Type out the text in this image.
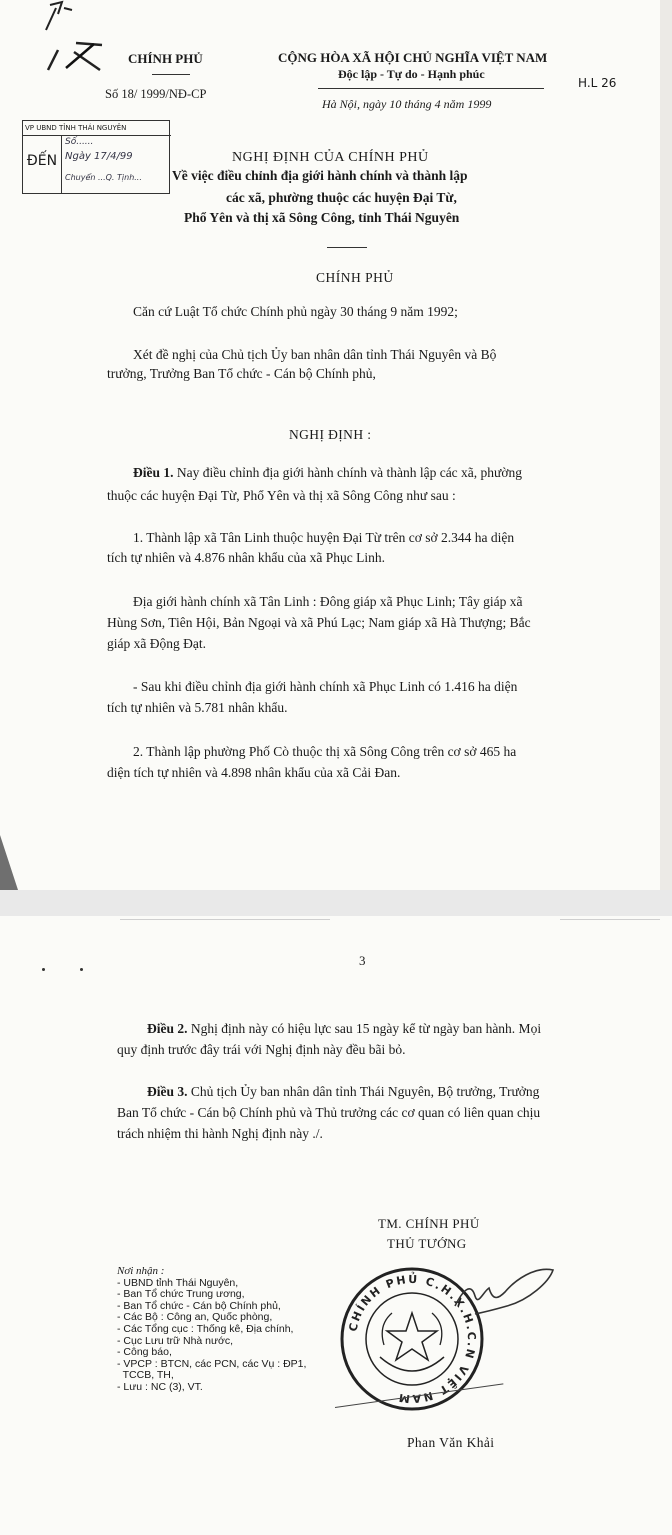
CHÍNH PHỦ
Số 18/ 1999/NĐ-CP
CỘNG HÒA XÃ HỘI CHỦ NGHĨA VIỆT NAM
Độc lập - Tự do - Hạnh phúc
Hà Nội, ngày 10 tháng 4 năm 1999
H.L 26
VP UBND TỈNH THÁI NGUYÊN
ĐẾN
Số......
Ngày 17/4/99
Chuyển ...Q. Tịnh...
NGHỊ ĐỊNH CỦA CHÍNH PHỦ
Về việc điều chỉnh địa giới hành chính và thành lập
các xã, phường thuộc các huyện Đại Từ,
Phổ Yên và thị xã Sông Công, tỉnh Thái Nguyên
CHÍNH PHỦ
Căn cứ Luật Tổ chức Chính phủ ngày 30 tháng 9 năm 1992;
Xét đề nghị của Chủ tịch Ủy ban nhân dân tỉnh Thái Nguyên và Bộ
trưởng, Trưởng Ban Tổ chức - Cán bộ Chính phủ,
NGHỊ ĐỊNH :
Điều 1. Nay điều chỉnh địa giới hành chính và thành lập các xã, phường
thuộc các huyện Đại Từ, Phổ Yên và thị xã Sông Công như sau :
1. Thành lập xã Tân Linh thuộc huyện Đại Từ trên cơ sở 2.344 ha diện
tích tự nhiên và 4.876 nhân khẩu của xã Phục Linh.
Địa giới hành chính xã Tân Linh : Đông giáp xã Phục Linh; Tây giáp xã
Hùng Sơn, Tiên Hội, Bản Ngoại và xã Phú Lạc; Nam giáp xã Hà Thượng; Bắc
giáp xã Động Đạt.
- Sau khi điều chỉnh địa giới hành chính xã Phục Linh có 1.416 ha diện
tích tự nhiên và 5.781 nhân khẩu.
2. Thành lập phường Phố Cò thuộc thị xã Sông Công trên cơ sở 465 ha
diện tích tự nhiên và 4.898 nhân khẩu của xã Cải Đan.
3
Điều 2. Nghị định này có hiệu lực sau 15 ngày kể từ ngày ban hành. Mọi
quy định trước đây trái với Nghị định này đều bãi bỏ.
Điều 3. Chủ tịch Ủy ban nhân dân tỉnh Thái Nguyên, Bộ trưởng, Trưởng
Ban Tổ chức - Cán bộ Chính phủ và Thủ trưởng các cơ quan có liên quan chịu
trách nhiệm thi hành Nghị định này ./.
TM. CHÍNH PHỦ
THỦ TƯỚNG
Nơi nhận :
- UBND tỉnh Thái Nguyên,
- Ban Tổ chức Trung ương,
- Ban Tổ chức - Cán bộ Chính phủ,
- Các Bộ : Công an, Quốc phòng,
- Các Tổng cục : Thống kê, Địa chính,
- Cục Lưu trữ Nhà nước,
- Công báo,
- VPCP : BTCN, các PCN, các Vụ : ĐP1,
TCCB, TH,
- Lưu : NC (3), VT.
CHÍNH PHỦ C.H.X.H.C.N VIỆT NAM
Phan Văn Khải
